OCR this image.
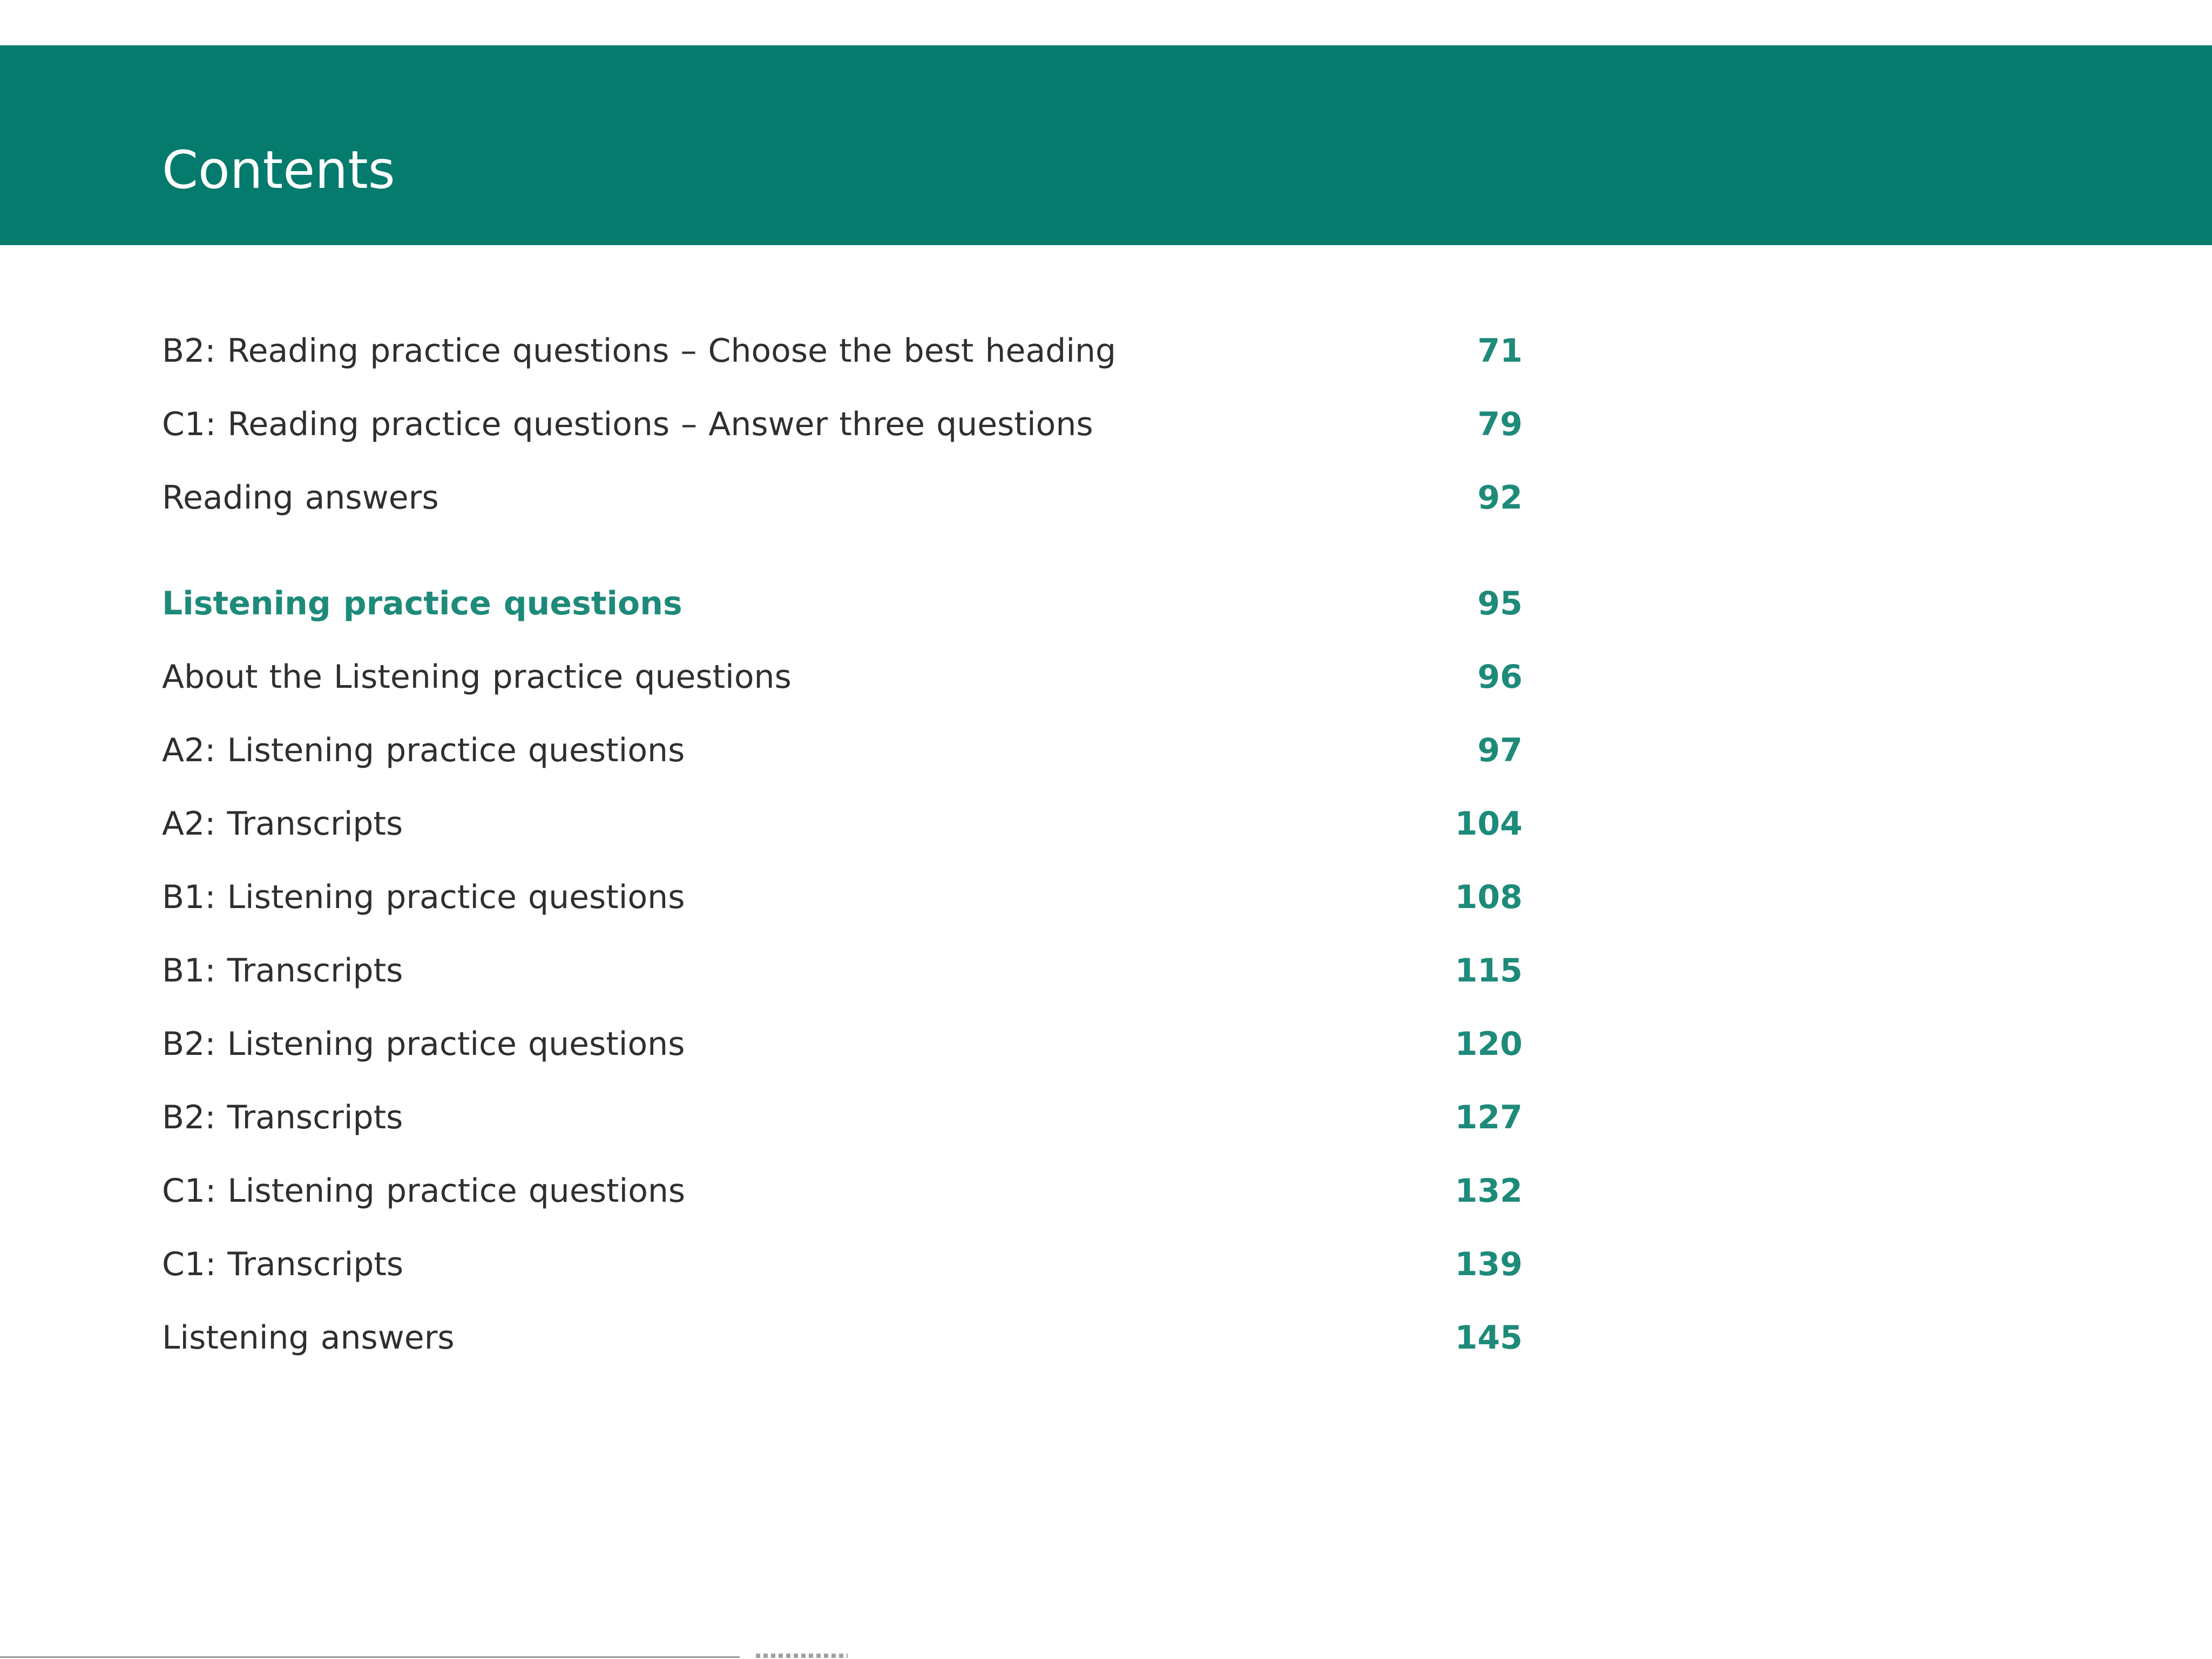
Contents
B2: Reading practice questions – Choose the best heading	71
C1: Reading practice questions – Answer three questions	79
Reading answers	92
Listening practice questions	95
About the Listening practice questions	96
A2: Listening practice questions	97
A2: Transcripts	104
B1: Listening practice questions	108
B1: Transcripts	115
B2: Listening practice questions	120
B2: Transcripts	127
C1: Listening practice questions	132
C1: Transcripts	139
Listening answers	145
